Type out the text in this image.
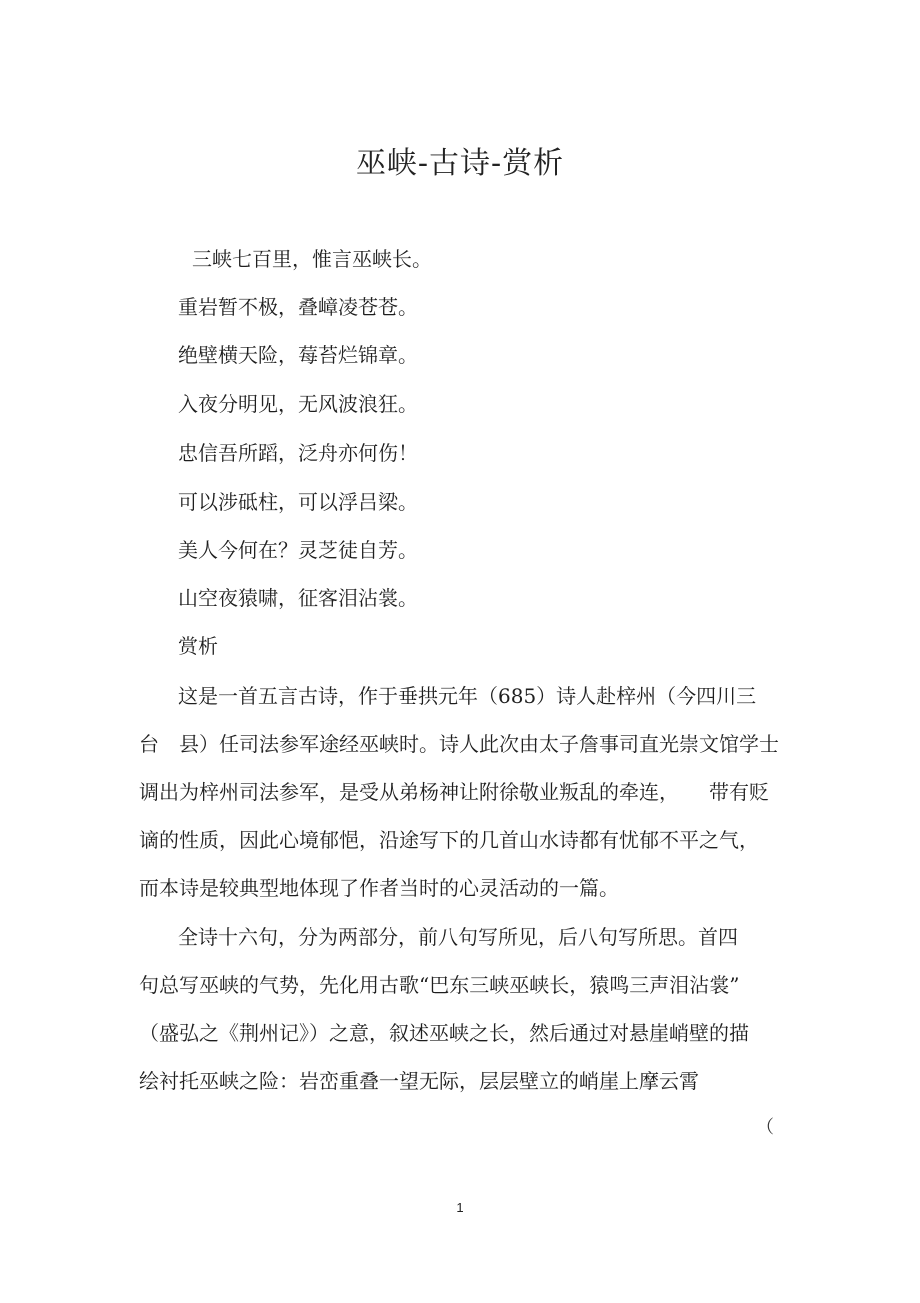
巫峡-古诗-赏析
三峡七百里，惟言巫峡长。
重岩暂不极，叠嶂凌苍苍。
绝壁横天险，莓苔烂锦章。
入夜分明见，无风波浪狂。
忠信吾所蹈，泛舟亦何伤！
可以涉砥柱，可以浮吕梁。
美人今何在？灵芝徒自芳。
山空夜猿啸，征客泪沾裳。
赏析
这是一首五言古诗，作于垂拱元年（685）诗人赴梓州（今四川三
台　县）任司法参军途经巫峡时。诗人此次由太子詹事司直光崇文馆学士
调出为梓州司法参军，是受从弟杨神让附徐敬业叛乱的牵连，　　带有贬
谪的性质，因此心境郁悒，沿途写下的几首山水诗都有忧郁不平之气，
而本诗是较典型地体现了作者当时的心灵活动的一篇。
全诗十六句，分为两部分，前八句写所见，后八句写所思。首四
句总写巫峡的气势，先化用古歌“巴东三峡巫峡长，猿鸣三声泪沾裳”
（盛弘之《荆州记》）之意，叙述巫峡之长，然后通过对悬崖峭壁的描
绘衬托巫峡之险：岩峦重叠一望无际，层层壁立的峭崖上摩云霄
（
1
